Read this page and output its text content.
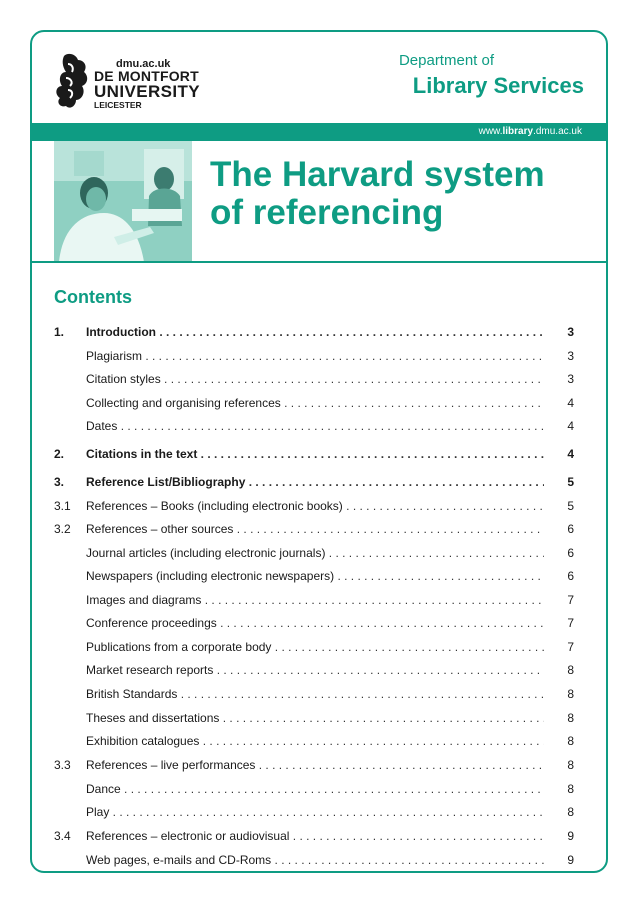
dmu.ac.uk
DE MONTFORT
UNIVERSITY
LEICESTER
Department of
Library Services
www.library.dmu.ac.uk
The Harvard system
of referencing
Contents
1. Introduction . . .	3
Plagiarism . . .	3
Citation styles . . .	3
Collecting and organising references . . .	4
Dates . . .	4
2. Citations in the text . . .	4
3. Reference List/Bibliography . . .	5
3.1 References – Books (including electronic books) . . .	5
3.2 References – other sources . . .	6
Journal articles (including electronic journals) . . .	6
Newspapers (including electronic newspapers) . . .	6
Images and diagrams . . .	7
Conference proceedings . . .	7
Publications from a corporate body . . .	7
Market research reports . . .	8
British Standards . . .	8
Theses and dissertations . . .	8
Exhibition catalogues . . .	8
3.3 References – live performances . . .	8
Dance . . .	8
Play . . .	8
3.4 References – electronic or audiovisual . . .	9
Web pages, e-mails and CD-Roms . . .	9
